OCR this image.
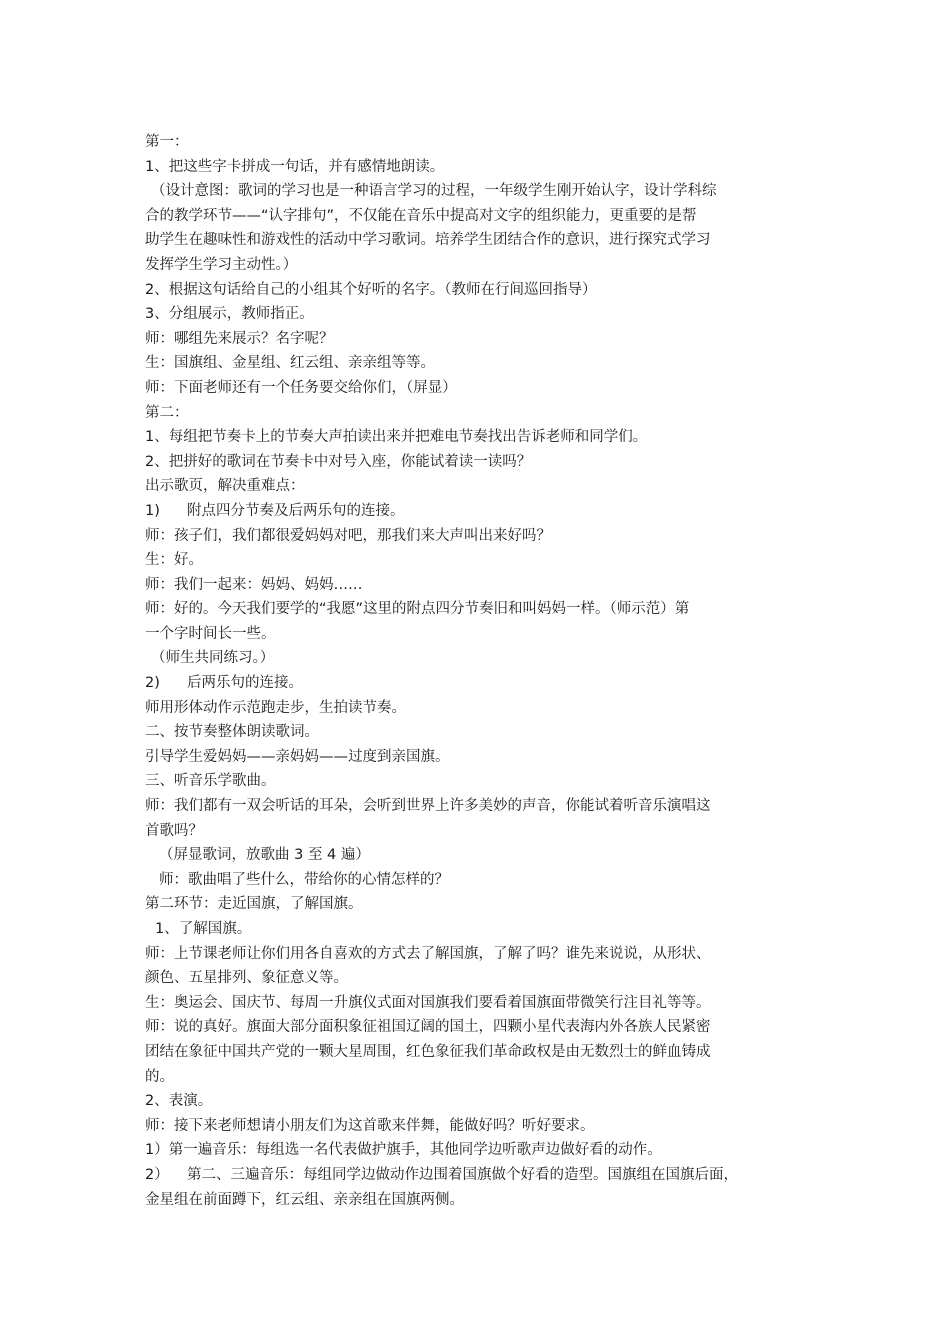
第一：
1、把这些字卡拼成一句话，并有感情地朗读。
（设计意图：歌词的学习也是一种语言学习的过程，一年级学生刚开始认字，设计学科综
合的教学环节——“认字排句”，不仅能在音乐中提高对文字的组织能力，更重要的是帮
助学生在趣味性和游戏性的活动中学习歌词。培养学生团结合作的意识，进行探究式学习
发挥学生学习主动性。）
2、根据这句话给自己的小组其个好听的名字。（教师在行间巡回指导）
3、分组展示，教师指正。
师：哪组先来展示？名字呢？
生：国旗组、金星组、红云组、亲亲组等等。
师：下面老师还有一个任务要交给你们，（屏显）
第二：
1、每组把节奏卡上的节奏大声拍读出来并把难电节奏找出告诉老师和同学们。
2、把拼好的歌词在节奏卡中对号入座，你能试着读一读吗？
出示歌页，解决重难点：
1) 附点四分节奏及后两乐句的连接。
师：孩子们，我们都很爱妈妈对吧，那我们来大声叫出来好吗？
生：好。
师：我们一起来：妈妈、妈妈……
师：好的。今天我们要学的“我愿”这里的附点四分节奏旧和叫妈妈一样。（师示范）第
一个字时间长一些。
（师生共同练习。）
2) 后两乐句的连接。
师用形体动作示范跑走步，生拍读节奏。
二、按节奏整体朗读歌词。
引导学生爱妈妈——亲妈妈——过度到亲国旗。
三、听音乐学歌曲。
师：我们都有一双会听话的耳朵，会听到世界上许多美妙的声音，你能试着听音乐演唱这
首歌吗？
（屏显歌词，放歌曲 3 至 4 遍）
师：歌曲唱了些什么，带给你的心情怎样的？
第二环节：走近国旗，了解国旗。
1、了解国旗。
师：上节课老师让你们用各自喜欢的方式去了解国旗，了解了吗？谁先来说说，从形状、
颜色、五星排列、象征意义等。
生：奥运会、国庆节、每周一升旗仪式面对国旗我们要看着国旗面带微笑行注目礼等等。
师：说的真好。旗面大部分面积象征祖国辽阔的国土，四颗小星代表海内外各族人民紧密
团结在象征中国共产党的一颗大星周围，红色象征我们革命政权是由无数烈士的鲜血铸成
的。
2、表演。
师：接下来老师想请小朋友们为这首歌来伴舞，能做好吗？听好要求。
1）第一遍音乐：每组选一名代表做护旗手，其他同学边听歌声边做好看的动作。
2） 第二、三遍音乐：每组同学边做动作边围着国旗做个好看的造型。国旗组在国旗后面，
金星组在前面蹲下，红云组、亲亲组在国旗两侧。
